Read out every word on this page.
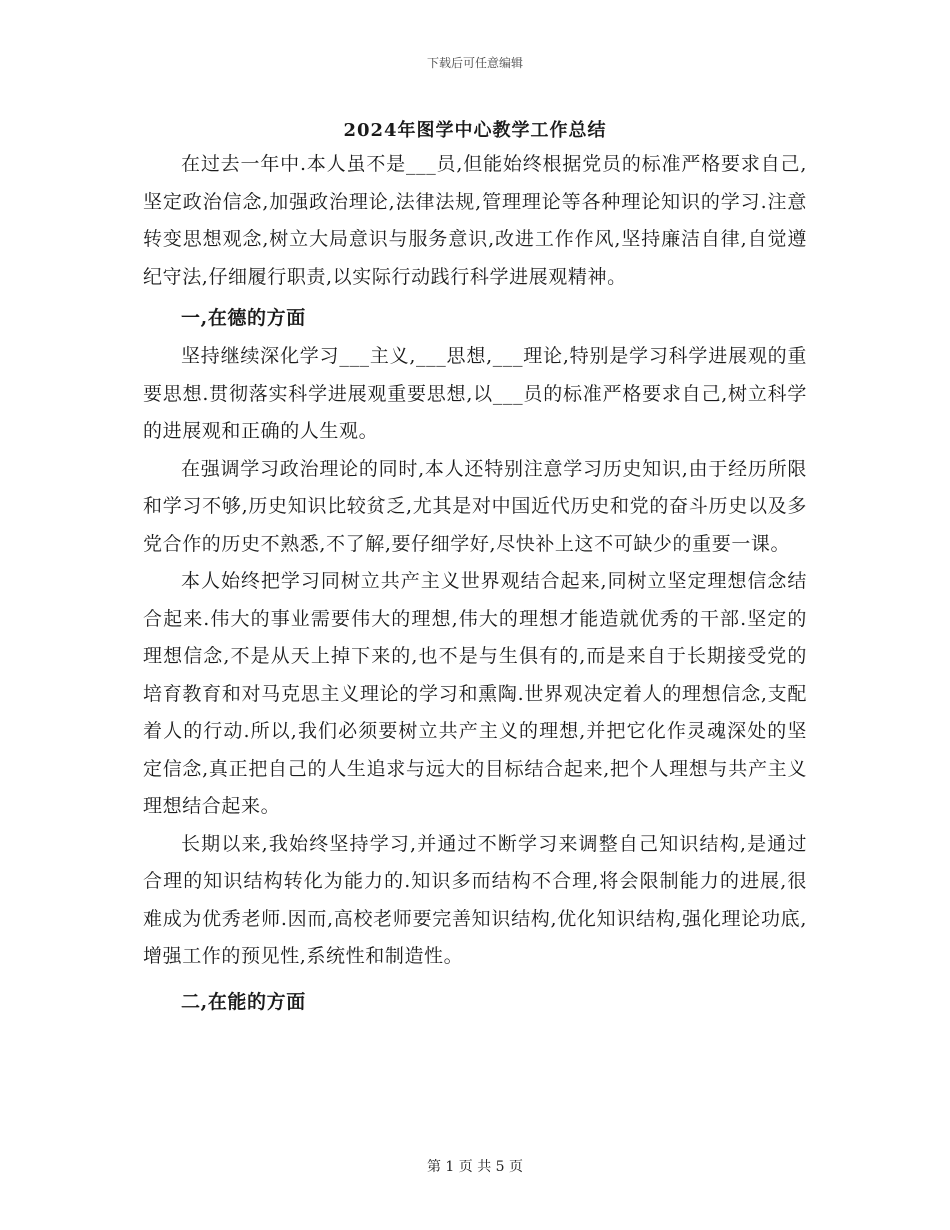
下载后可任意编辑
2024年图学中心教学工作总结

在过去一年中.本人虽不是___员,但能始终根据党员的标准严格要求自己,坚定政治信念,加强政治理论,法律法规,管理理论等各种理论知识的学习.注意转变思想观念,树立大局意识与服务意识,改进工作作风,坚持廉洁自律,自觉遵纪守法,仔细履行职责,以实际行动践行科学进展观精神。

一,在德的方面

坚持继续深化学习___主义,___思想,___理论,特别是学习科学进展观的重要思想.贯彻落实科学进展观重要思想,以___员的标准严格要求自己,树立科学的进展观和正确的人生观。

在强调学习政治理论的同时,本人还特别注意学习历史知识,由于经历所限和学习不够,历史知识比较贫乏,尤其是对中国近代历史和党的奋斗历史以及多党合作的历史不熟悉,不了解,要仔细学好,尽快补上这不可缺少的重要一课。

本人始终把学习同树立共产主义世界观结合起来,同树立坚定理想信念结合起来.伟大的事业需要伟大的理想,伟大的理想才能造就优秀的干部.坚定的理想信念,不是从天上掉下来的,也不是与生俱有的,而是来自于长期接受党的培育教育和对马克思主义理论的学习和熏陶.世界观决定着人的理想信念,支配着人的行动.所以,我们必须要树立共产主义的理想,并把它化作灵魂深处的坚定信念,真正把自己的人生追求与远大的目标结合起来,把个人理想与共产主义理想结合起来。

长期以来,我始终坚持学习,并通过不断学习来调整自己知识结构,是通过合理的知识结构转化为能力的.知识多而结构不合理,将会限制能力的进展,很难成为优秀老师.因而,高校老师要完善知识结构,优化知识结构,强化理论功底,增强工作的预见性,系统性和制造性。

二,在能的方面
第 1 页 共 5 页
